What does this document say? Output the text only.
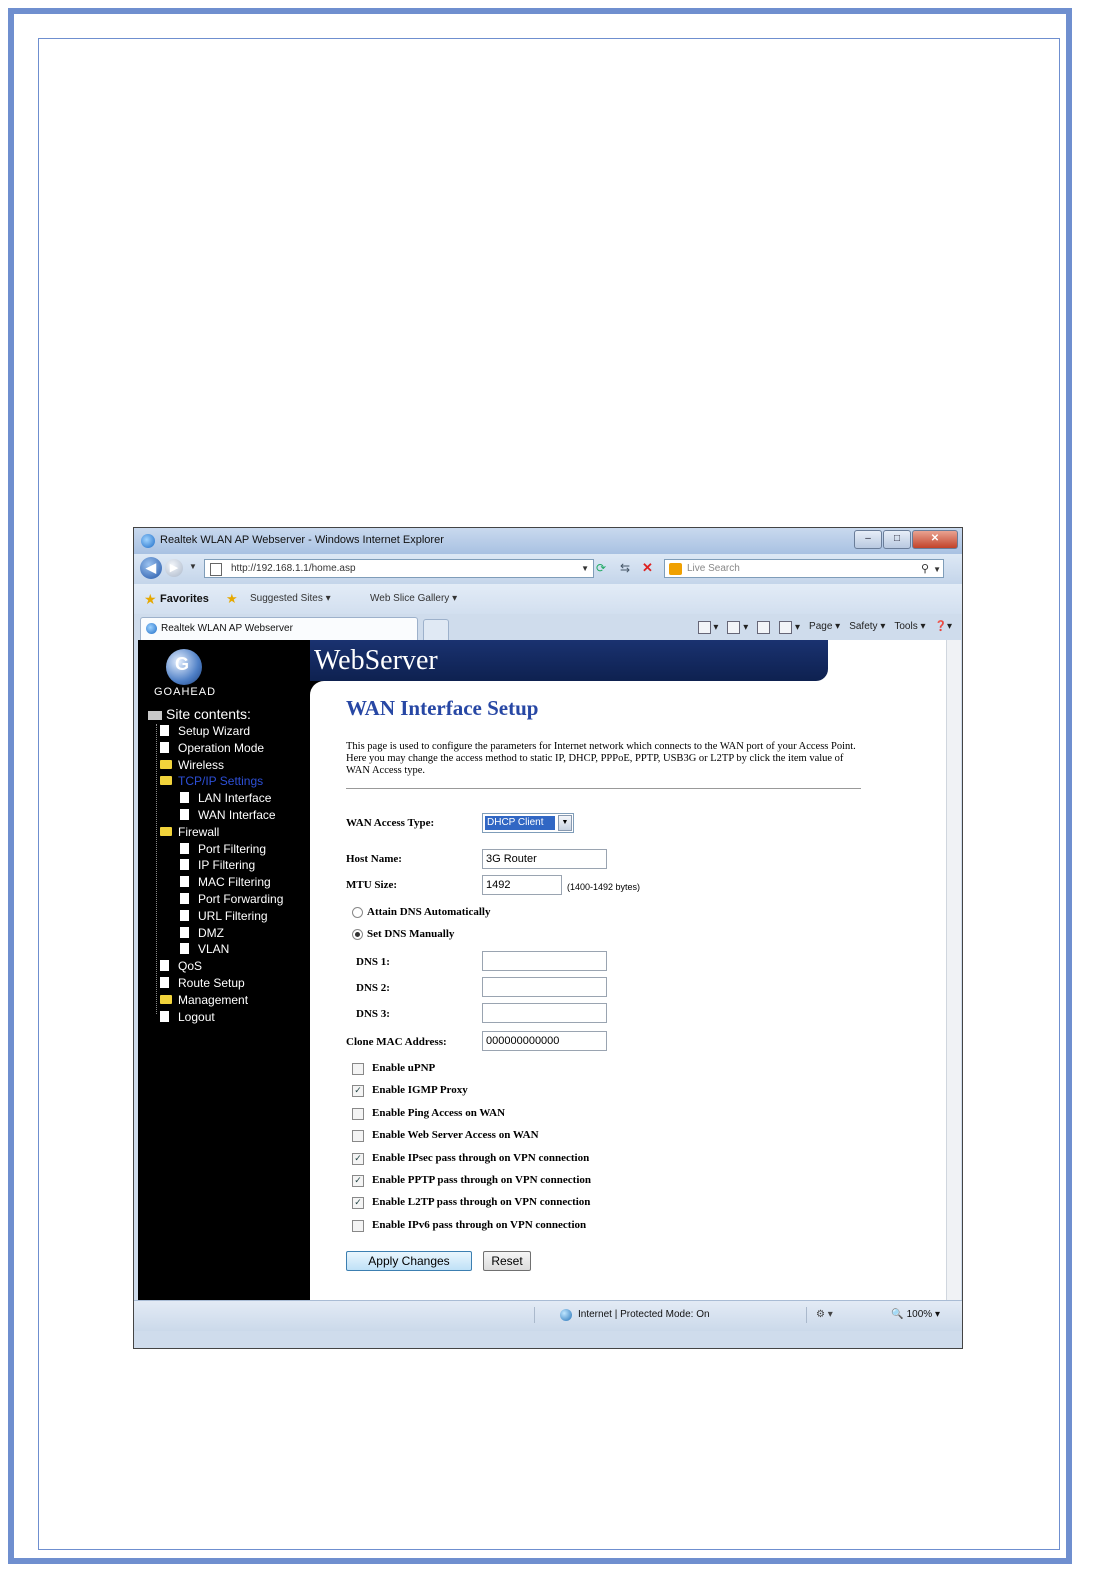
Realtek WLAN AP Webserver - Windows Internet Explorer	–	□	✕
◀	▶	▼	http://192.168.1.1/home.asp	▼ ⟳ ⇆ ✕	Live Search	⚲ ▼
★ Favorites ★ Suggested Sites ▾	Web Slice Gallery ▾
Realtek WLAN AP Webserver	▾	▾	▾ Page ▾ Safety ▾ Tools ▾ ❓▾
G
GOAHEAD
Site contents:
Setup Wizard
Operation Mode
Wireless
TCP/IP Settings
LAN Interface
WAN Interface
Firewall
Port Filtering
IP Filtering
MAC Filtering
Port Forwarding
URL Filtering
DMZ
VLAN
QoS
Route Setup
Management
Logout
WebServer
WAN Interface Setup
This page is used to configure the parameters for Internet network which connects to the WAN port of your Access Point. Here you may change the access method to static IP, DHCP, PPPoE, PPTP, USB3G or L2TP by click the item value of WAN Access type.
WAN Access Type:	DHCP Client	▼
Host Name:	3G Router
MTU Size:	1492	(1400-1492 bytes)
Attain DNS Automatically
Set DNS Manually
DNS 1:
DNS 2:
DNS 3:
Clone MAC Address:	000000000000
Enable uPNP
✓ Enable IGMP Proxy
Enable Ping Access on WAN
Enable Web Server Access on WAN
✓ Enable IPsec pass through on VPN connection
✓ Enable PPTP pass through on VPN connection
✓ Enable L2TP pass through on VPN connection
Enable IPv6 pass through on VPN connection
Apply Changes	Reset
Internet | Protected Mode: On	⚙ ▾	🔍 100% ▾
